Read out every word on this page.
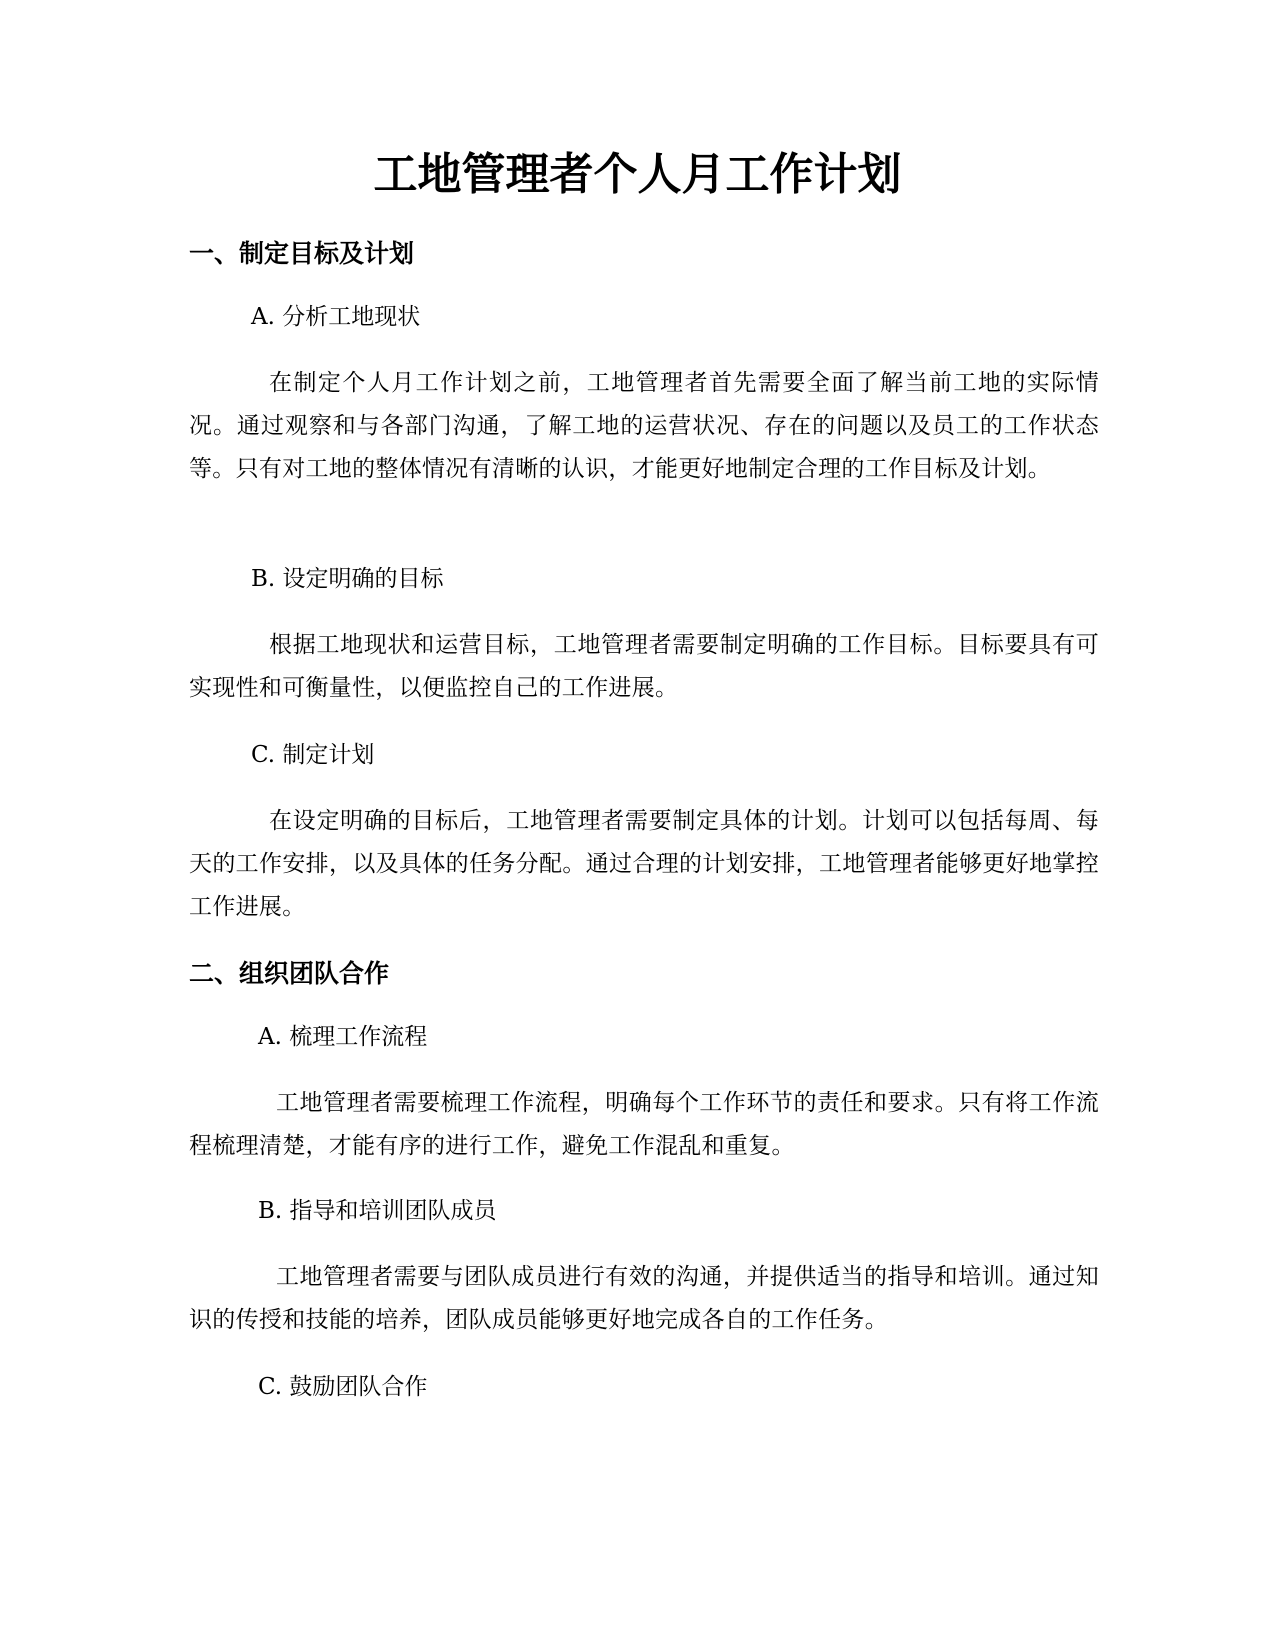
工地管理者个人月工作计划
一、制定目标及计划

A. 分析工地现状

在制定个人月工作计划之前，工地管理者首先需要全面了解当前工地的实际情况。通过观察和与各部门沟通，了解工地的运营状况、存在的问题以及员工的工作状态等。只有对工地的整体情况有清晰的认识，才能更好地制定合理的工作目标及计划。

B. 设定明确的目标

根据工地现状和运营目标，工地管理者需要制定明确的工作目标。目标要具有可实现性和可衡量性，以便监控自己的工作进展。

C. 制定计划

在设定明确的目标后，工地管理者需要制定具体的计划。计划可以包括每周、每天的工作安排，以及具体的任务分配。通过合理的计划安排，工地管理者能够更好地掌控工作进展。

二、组织团队合作

A. 梳理工作流程

工地管理者需要梳理工作流程，明确每个工作环节的责任和要求。只有将工作流程梳理清楚，才能有序的进行工作，避免工作混乱和重复。

B. 指导和培训团队成员

工地管理者需要与团队成员进行有效的沟通，并提供适当的指导和培训。通过知识的传授和技能的培养，团队成员能够更好地完成各自的工作任务。

C. 鼓励团队合作
